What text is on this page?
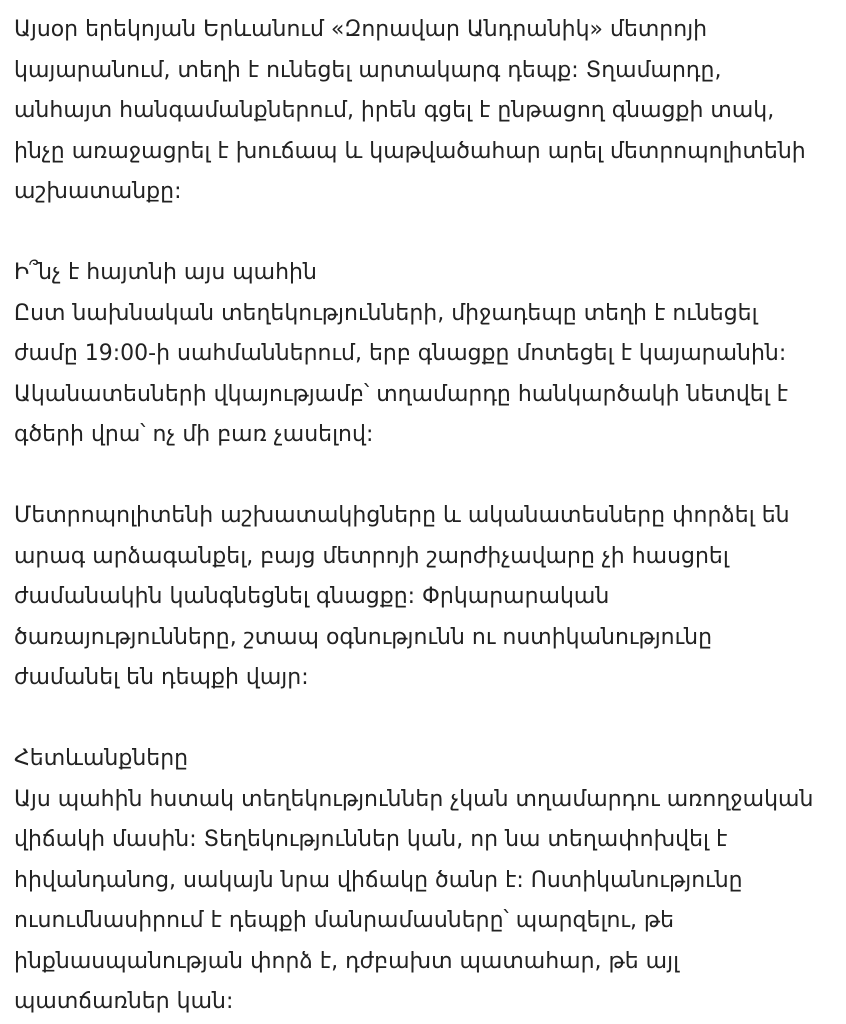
Այսօր երեկոյան Երևանում «Զորավար Անդրանիկ» մետրոյի
կայարանում, տեղի է ունեցել արտակարգ դեպք: Տղամարդը,
անհայտ հանգամանքներում, իրեն գցել է ընթացող գնացքի տակ,
ինչը առաջացրել է խուճապ և կաթվածահար արել մետրոպոլիտենի
աշխատանքը:

Ի՞նչ է հայտնի այս պահին

Ըստ նախնական տեղեկությունների, միջադեպը տեղի է ունեցել
ժամը 19:00-ի սահմաններում, երբ գնացքը մոտեցել է կայարանին:
Ականատեսների վկայությամբ՝ տղամարդը հանկարծակի նետվել է
գծերի վրա՝ ոչ մի բառ չասելով:

Մետրոպոլիտենի աշխատակիցները և ականատեսները փորձել են
արագ արձագանքել, բայց մետրոյի շարժիչավարը չի հասցրել
ժամանակին կանգնեցնել գնացքը: Փրկարարական
ծառայությունները, շտապ օգնությունն ու ոստիկանությունը
ժամանել են դեպքի վայր:

Հետևանքները

Այս պահին հստակ տեղեկություններ չկան տղամարդու առողջական
վիճակի մասին: Տեղեկություններ կան, որ նա տեղափոխվել է
հիվանդանոց, սակայն նրա վիճակը ծանր է: Ոստիկանությունը
ուսումնասիրում է դեպքի մանրամասները՝ պարզելու, թե
ինքնասպանության փորձ է, դժբախտ պատահար, թե այլ
պատճառներ կան:
